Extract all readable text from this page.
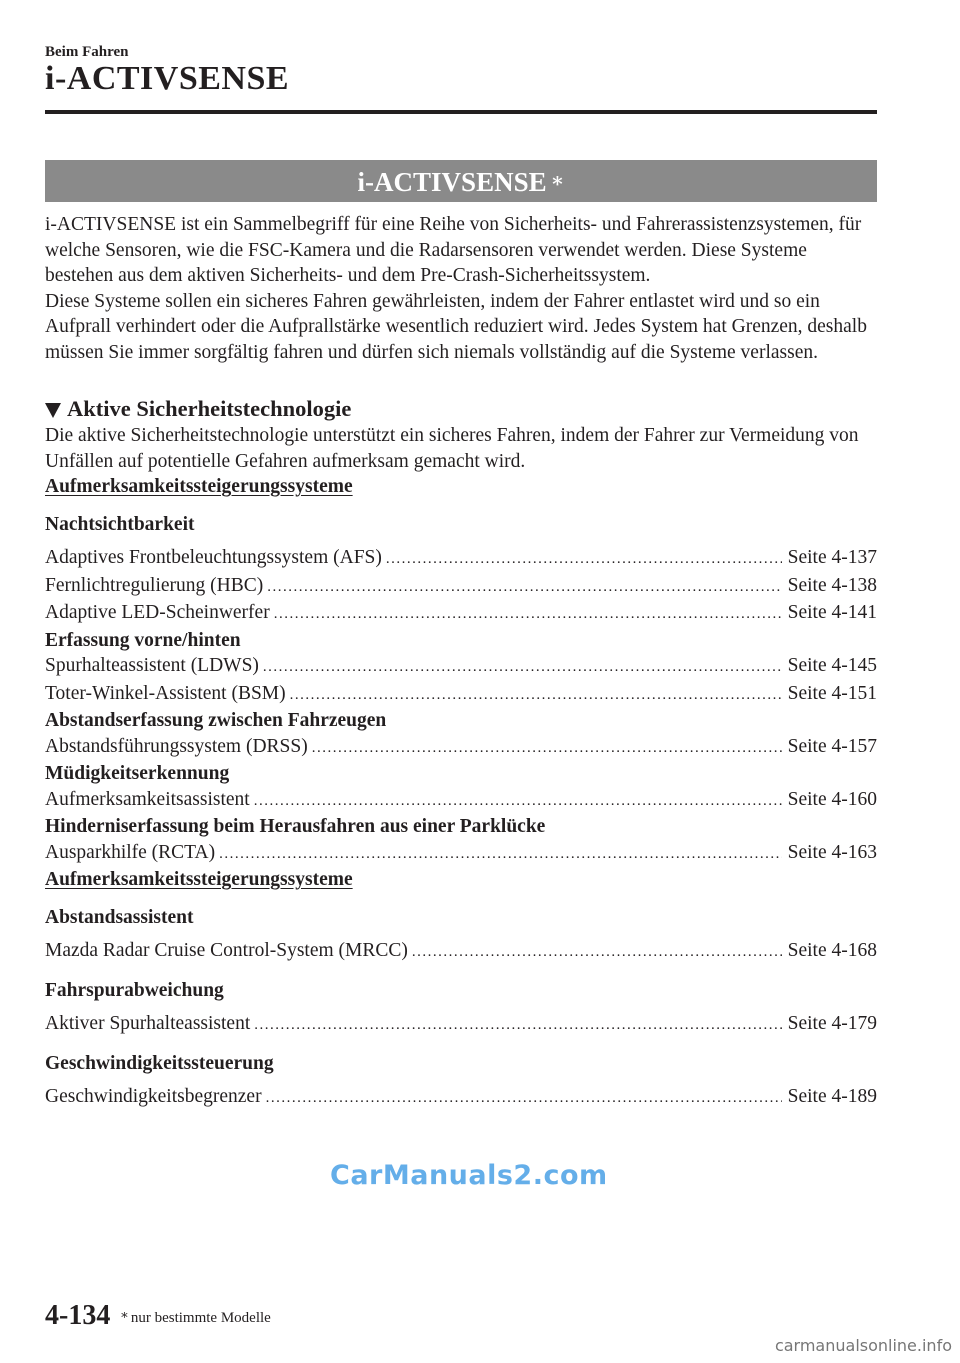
Beim Fahren
i-ACTIVSENSE
i-ACTIVSENSE ∗

i-ACTIVSENSE ist ein Sammelbegriff für eine Reihe von Sicherheits- und Fahrerassistenzsystemen, für welche Sensoren, wie die FSC-Kamera und die Radarsensoren verwendet werden. Diese Systeme bestehen aus dem aktiven Sicherheits- und dem Pre-Crash-Sicherheitssystem.

Diese Systeme sollen ein sicheres Fahren gewährleisten, indem der Fahrer entlastet wird und so ein Aufprall verhindert oder die Aufprallstärke wesentlich reduziert wird. Jedes System hat Grenzen, deshalb müssen Sie immer sorgfältig fahren und dürfen sich niemals vollständig auf die Systeme verlassen.

Aktive Sicherheitstechnologie

Die aktive Sicherheitstechnologie unterstützt ein sicheres Fahren, indem der Fahrer zur Vermeidung von Unfällen auf potentielle Gefahren aufmerksam gemacht wird.

Aufmerksamkeitssteigerungssysteme

Nachtsichtbarkeit

Adaptives Frontbeleuchtungssystem (AFS) .....	Seite 4-137
Fernlichtregulierung (HBC) .....	Seite 4-138
Adaptive LED-Scheinwerfer .....	Seite 4-141

Erfassung vorne/hinten

Spurhalteassistent (LDWS) .....	Seite 4-145
Toter-Winkel-Assistent (BSM) .....	Seite 4-151

Abstandserfassung zwischen Fahrzeugen

Abstandsführungssystem (DRSS) .....	Seite 4-157

Müdigkeitserkennung

Aufmerksamkeitsassistent .....	Seite 4-160

Hinderniserfassung beim Herausfahren aus einer Parklücke

Ausparkhilfe (RCTA) .....	Seite 4-163

Aufmerksamkeitssteigerungssysteme

Abstandsassistent

Mazda Radar Cruise Control-System (MRCC) .....	Seite 4-168

Fahrspurabweichung

Aktiver Spurhalteassistent .....	Seite 4-179

Geschwindigkeitssteuerung

Geschwindigkeitsbegrenzer .....	Seite 4-189
CarManuals2.com
4-134 ∗ nur bestimmte Modelle
carmanualsonline.info
